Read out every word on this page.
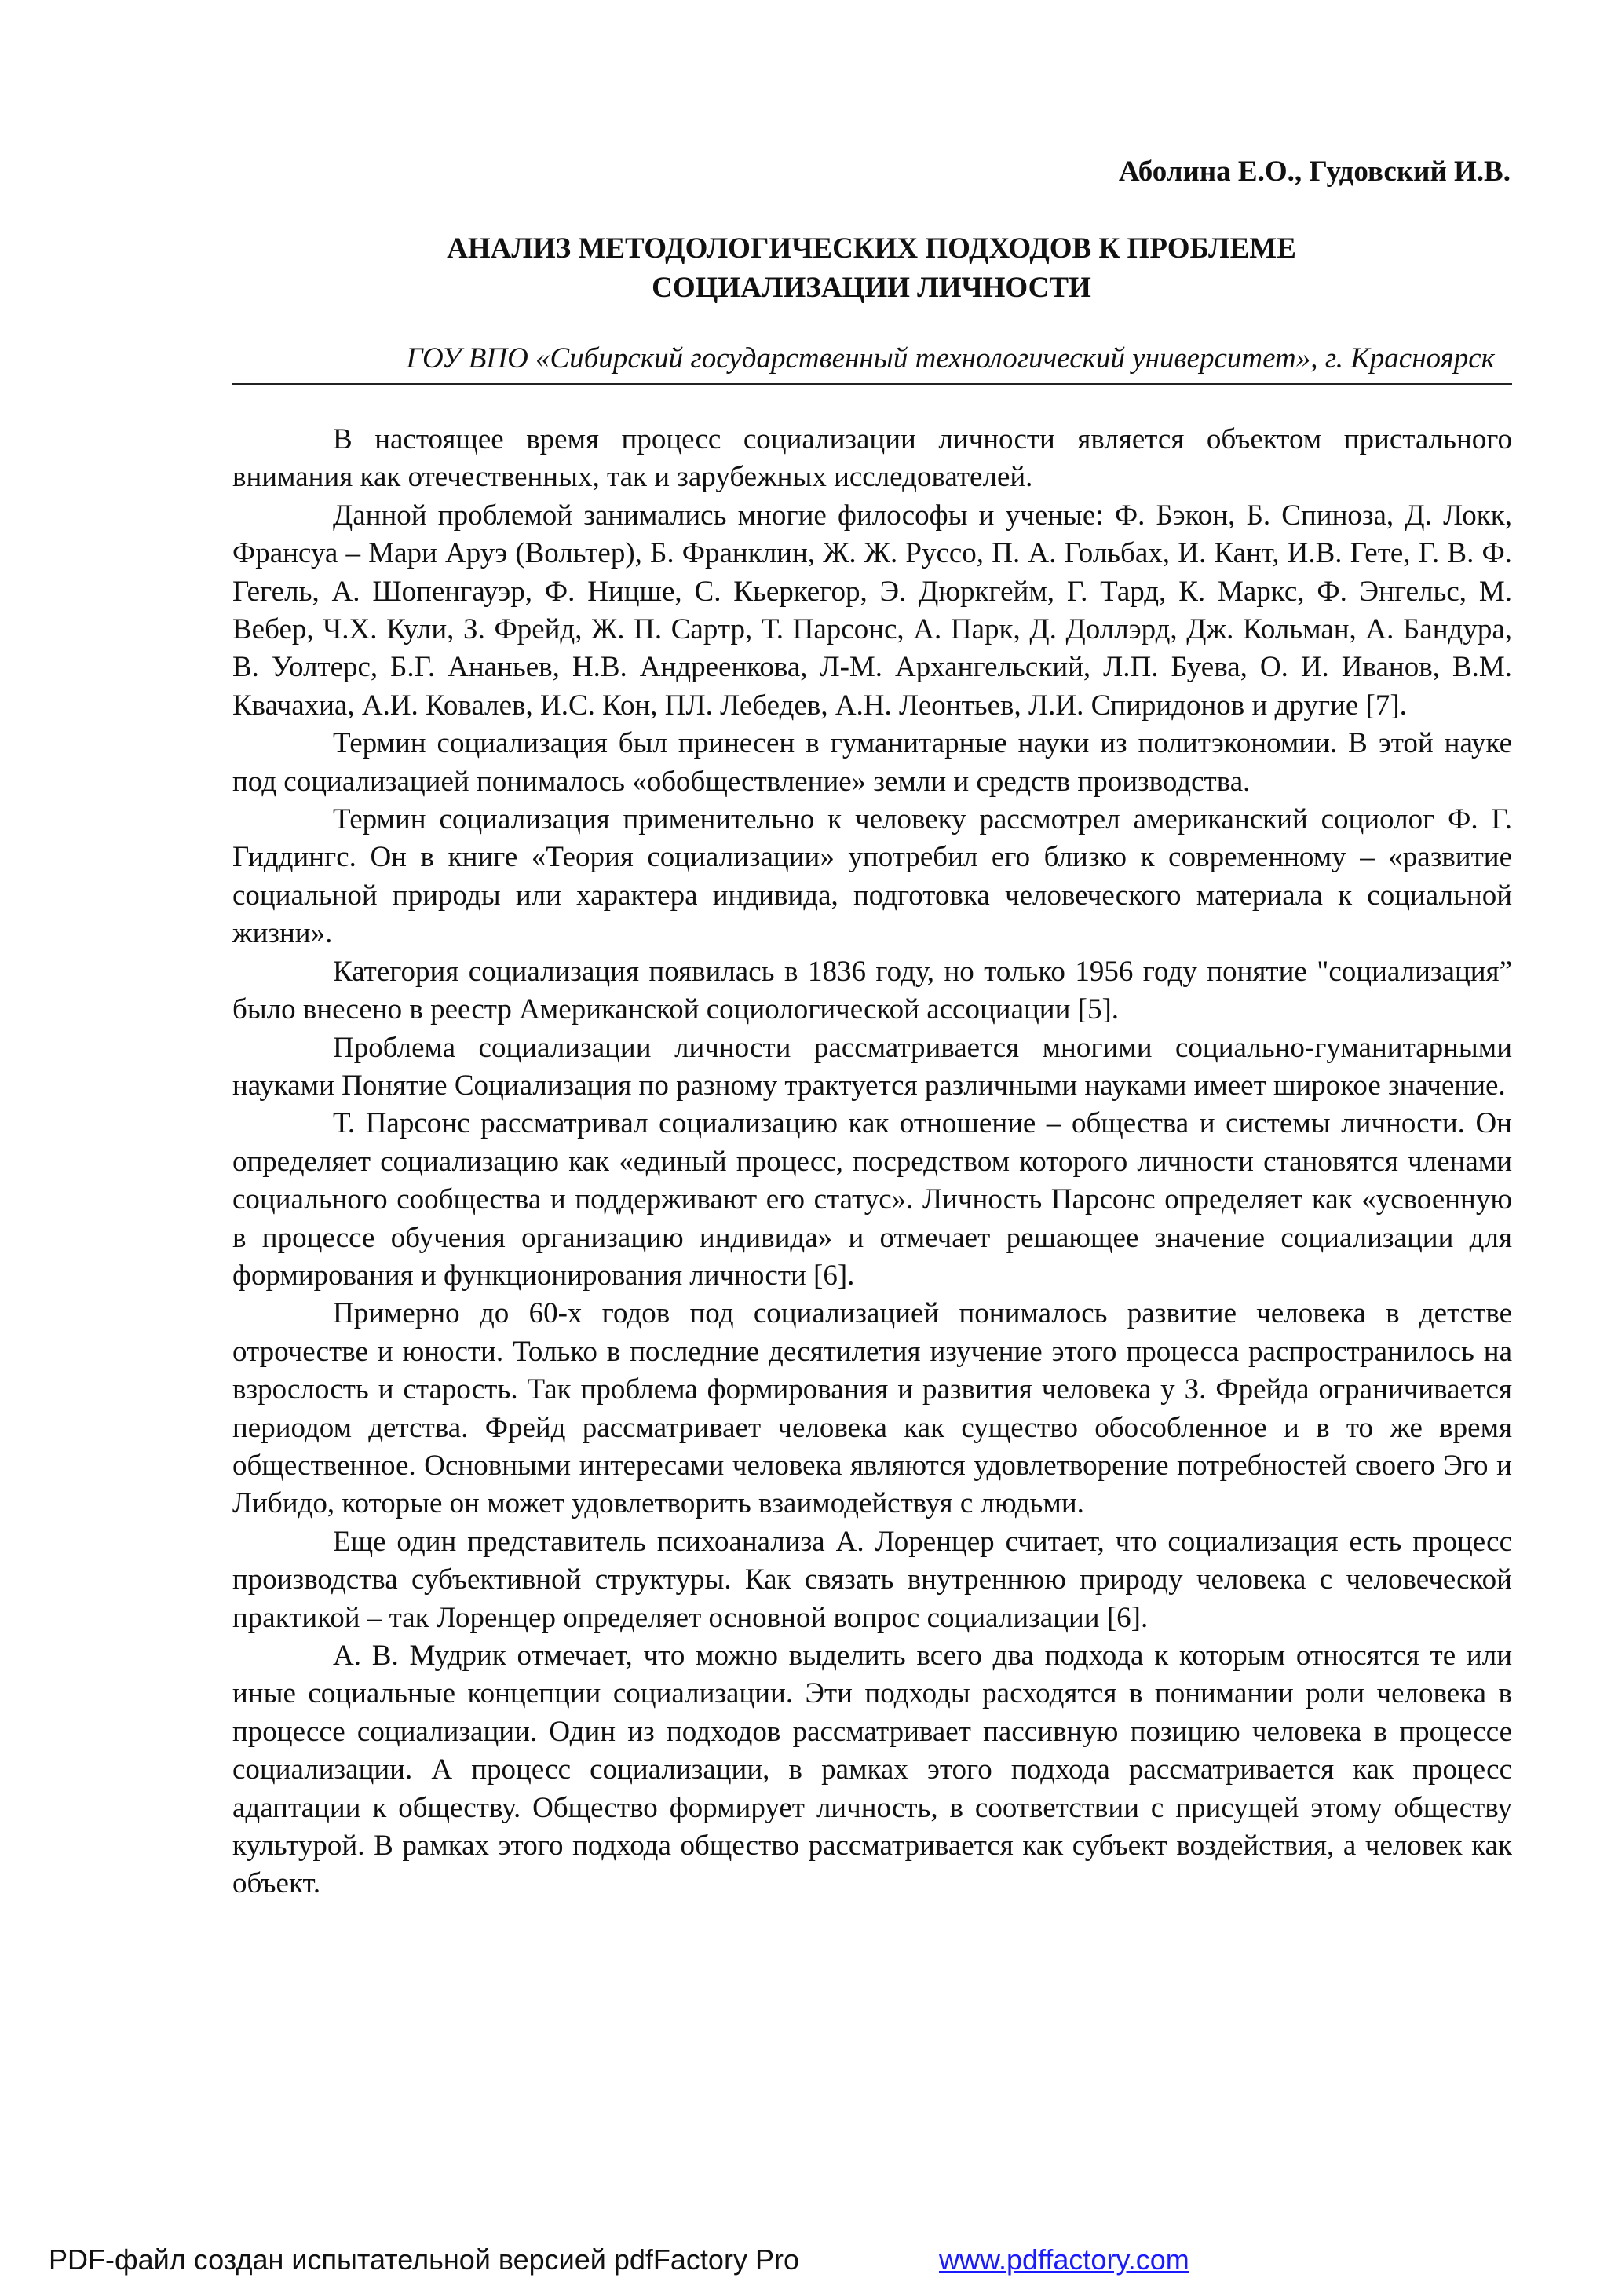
Аболина Е.О., Гудовский И.В.
АНАЛИЗ МЕТОДОЛОГИЧЕСКИХ ПОДХОДОВ К ПРОБЛЕМЕ
СОЦИАЛИЗАЦИИ ЛИЧНОСТИ
ГОУ ВПО «Сибирский государственный технологический университет», г. Красноярск

В настоящее время процесс социализации личности является объектом пристального внимания как отечественных, так и зарубежных исследователей.

Данной проблемой занимались многие философы и ученые: Ф. Бэкон, Б. Спиноза, Д. Локк, Франсуа – Мари Аруэ (Вольтер), Б. Франклин, Ж. Ж. Руссо, П. А. Гольбах, И. Кант, И.В. Гете, Г. В. Ф. Гегель, А. Шопенгауэр, Ф. Ницше, С. Кьеркегор, Э. Дюркгейм, Г. Тард, К. Маркс, Ф. Энгельс, М. Вебер, Ч.Х. Кули, З. Фрейд, Ж. П. Сартр, Т. Парсонс, А. Парк, Д. Доллэрд, Дж. Кольман, А. Бандура, В. Уолтерс, Б.Г. Ананьев, Н.В. Андреенкова, Л-М. Архангельский, Л.П. Буева, О. И. Иванов, В.М. Квачахиа, А.И. Ковалев, И.С. Кон, ПЛ. Лебедев, А.Н. Леонтьев, Л.И. Спиридонов и другие [7].

Термин социализация был принесен в гуманитарные науки из политэкономии. В этой науке под социализацией понималось «обобществление» земли и средств производства.

Термин социализация применительно к человеку рассмотрел американский социолог Ф. Г. Гиддингс. Он в книге «Теория социализации» употребил его близко к современному – «развитие социальной природы или характера индивида, подготовка человеческого материала к социальной жизни».

Категория социализация появилась в 1836 году, но только 1956 году понятие "социализация” было внесено в реестр Американской социологической ассоциации [5].

Проблема социализации личности рассматривается многими социально-гуманитарными науками Понятие Социализация по разному трактуется различными науками имеет широкое значение.

Т. Парсонс рассматривал социализацию как отношение – общества и системы личности. Он определяет социализацию как «единый процесс, посредством которого личности становятся членами социального сообщества и поддерживают его статус». Личность Парсонс определяет как «усвоенную в процессе обучения организацию индивида» и отмечает решающее значение социализации для формирования и функционирования личности [6].

Примерно до 60-х годов под социализацией понималось развитие человека в детстве отрочестве и юности. Только в последние десятилетия изучение этого процесса распространилось на взрослость и старость. Так проблема формирования и развития человека у З. Фрейда ограничивается периодом детства. Фрейд рассматривает человека как существо обособленное и в то же время общественное. Основными интересами человека являются удовлетворение потребностей своего Эго и Либидо, которые он может удовлетворить взаимодействуя с людьми.

Еще один представитель психоанализа А. Лоренцер считает, что социализация есть процесс производства субъективной структуры. Как связать внутреннюю природу человека с человеческой практикой – так Лоренцер определяет основной вопрос социализации [6].

А. В. Мудрик отмечает, что можно выделить всего два подхода к которым относятся те или иные социальные концепции социализации. Эти подходы расходятся в понимании роли человека в процессе социализации. Один из подходов рассматривает пассивную позицию человека в процессе социализации. А процесс социализации, в рамках этого подхода рассматривается как процесс адаптации к обществу. Общество формирует личность, в соответствии с присущей этому обществу культурой. В рамках этого подхода общество рассматривается как субъект воздействия, а человек как объект.

PDF-файл создан испытательной версией pdfFactory Pro	www.pdffactory.com
